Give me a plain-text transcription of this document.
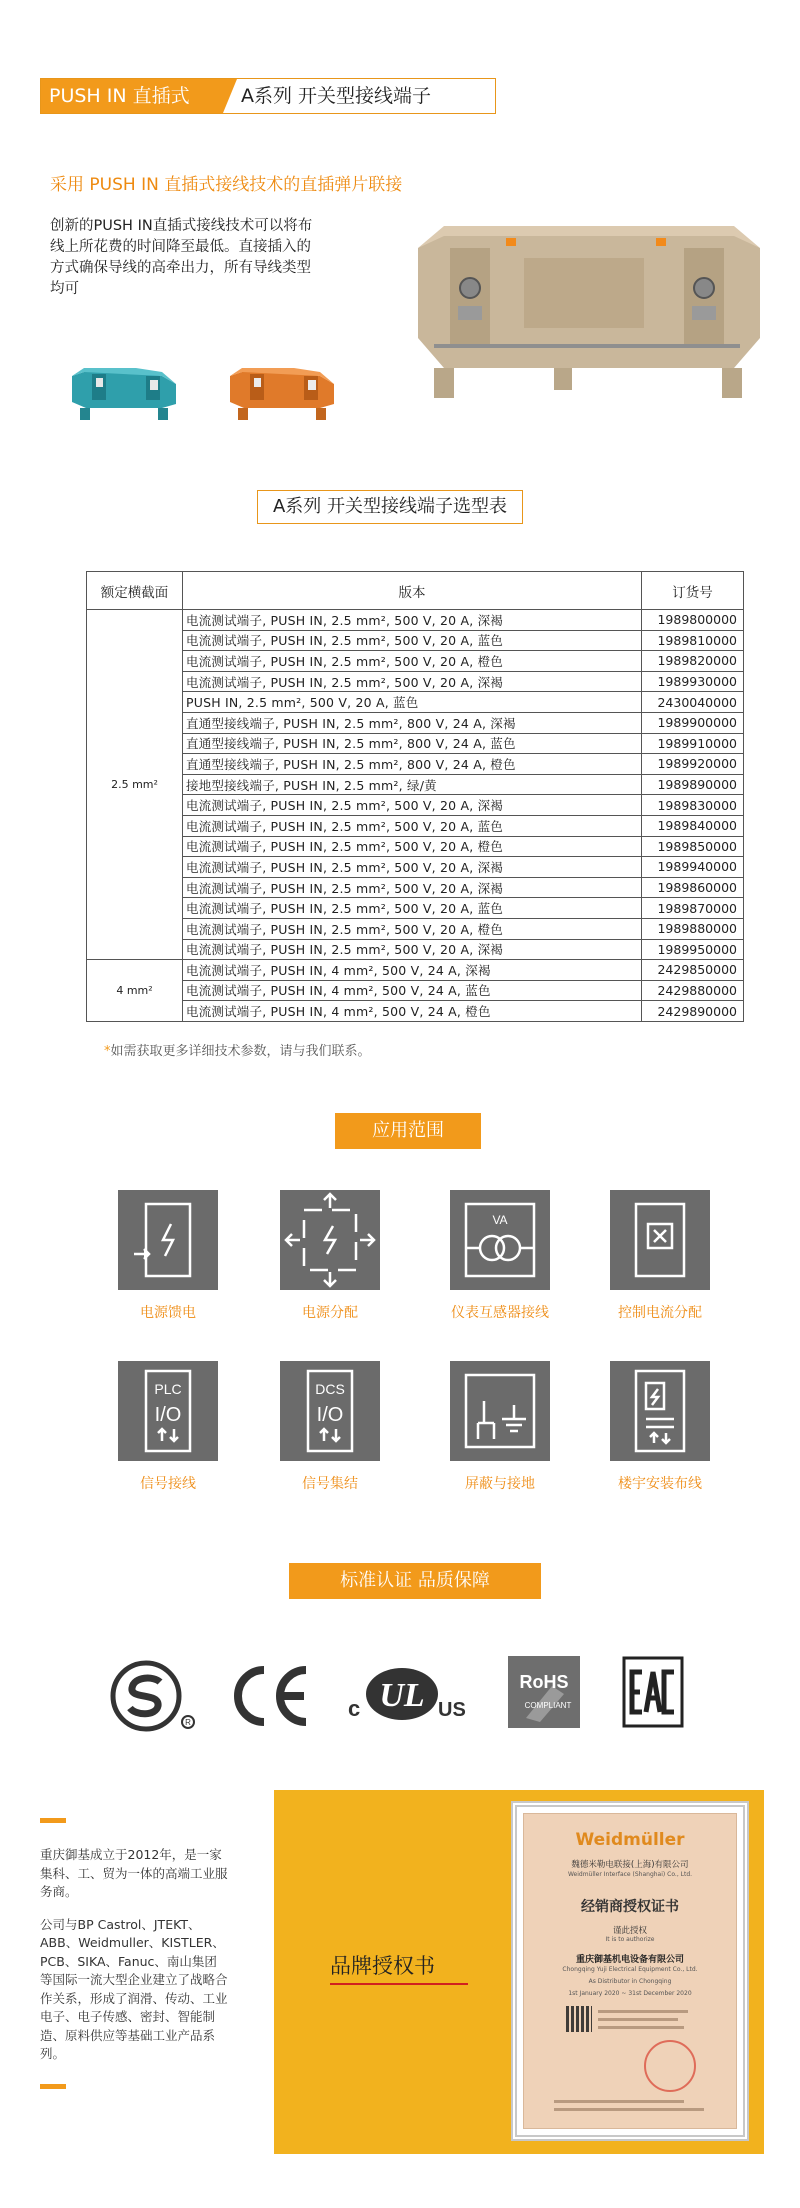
PUSH IN 直插式	A系列 开关型接线端子
采用 PUSH IN 直插式接线技术的直插弹片联接
创新的PUSH IN直插式接线技术可以将布线上所花费的时间降至最低。直接插入的方式确保导线的高牵出力，所有导线类型均可
A系列 开关型接线端子选型表
额定横截面	版本	订货号
2.5 mm²	电流测试端子, PUSH IN, 2.5 mm², 500 V, 20 A, 深褐	1989800000
	电流测试端子, PUSH IN, 2.5 mm², 500 V, 20 A, 蓝色	1989810000
	电流测试端子, PUSH IN, 2.5 mm², 500 V, 20 A, 橙色	1989820000
	电流测试端子, PUSH IN, 2.5 mm², 500 V, 20 A, 深褐	1989930000
	PUSH IN, 2.5 mm², 500 V, 20 A, 蓝色	2430040000
	直通型接线端子, PUSH IN, 2.5 mm², 800 V, 24 A, 深褐	1989900000
	直通型接线端子, PUSH IN, 2.5 mm², 800 V, 24 A, 蓝色	1989910000
	直通型接线端子, PUSH IN, 2.5 mm², 800 V, 24 A, 橙色	1989920000
	接地型接线端子, PUSH IN, 2.5 mm², 绿/黄	1989890000
	电流测试端子, PUSH IN, 2.5 mm², 500 V, 20 A, 深褐	1989830000
	电流测试端子, PUSH IN, 2.5 mm², 500 V, 20 A, 蓝色	1989840000
	电流测试端子, PUSH IN, 2.5 mm², 500 V, 20 A, 橙色	1989850000
	电流测试端子, PUSH IN, 2.5 mm², 500 V, 20 A, 深褐	1989940000
	电流测试端子, PUSH IN, 2.5 mm², 500 V, 20 A, 深褐	1989860000
	电流测试端子, PUSH IN, 2.5 mm², 500 V, 20 A, 蓝色	1989870000
	电流测试端子, PUSH IN, 2.5 mm², 500 V, 20 A, 橙色	1989880000
	电流测试端子, PUSH IN, 2.5 mm², 500 V, 20 A, 深褐	1989950000
4 mm²	电流测试端子, PUSH IN, 4 mm², 500 V, 24 A, 深褐	2429850000
	电流测试端子, PUSH IN, 4 mm², 500 V, 24 A, 蓝色	2429880000
	电流测试端子, PUSH IN, 4 mm², 500 V, 24 A, 橙色	2429890000
*如需获取更多详细技术参数，请与我们联系。
应用范围
电源馈电	电源分配
VA
仪表互感器接线	控制电流分配
PLC
I/O
信号接线
DCS
I/O
信号集结	屏蔽与接地	楼宇安装布线
标准认证 品质保障
R
c UL US
RoHS
COMPLIANT

重庆御基成立于2012年，是一家集科、工、贸为一体的高端工业服务商。

公司与BP Castrol、JTEKT、ABB、Weidmuller、KISTLER、PCB、SIKA、Fanuc、南山集团等国际一流大型企业建立了战略合作关系，形成了润滑、传动、工业电子、电子传感、密封、智能制造、原料供应等基础工业产品系列。

品牌授权书
Weidmüller
魏德米勒电联接(上海)有限公司
Weidmüller Interface (Shanghai) Co., Ltd.
经销商授权证书
谨此授权
It is to authorize
重庆御基机电设备有限公司
Chongqing Yuji Electrical Equipment Co., Ltd.
As Distributor in Chongqing
1st January 2020 ~ 31st December 2020
